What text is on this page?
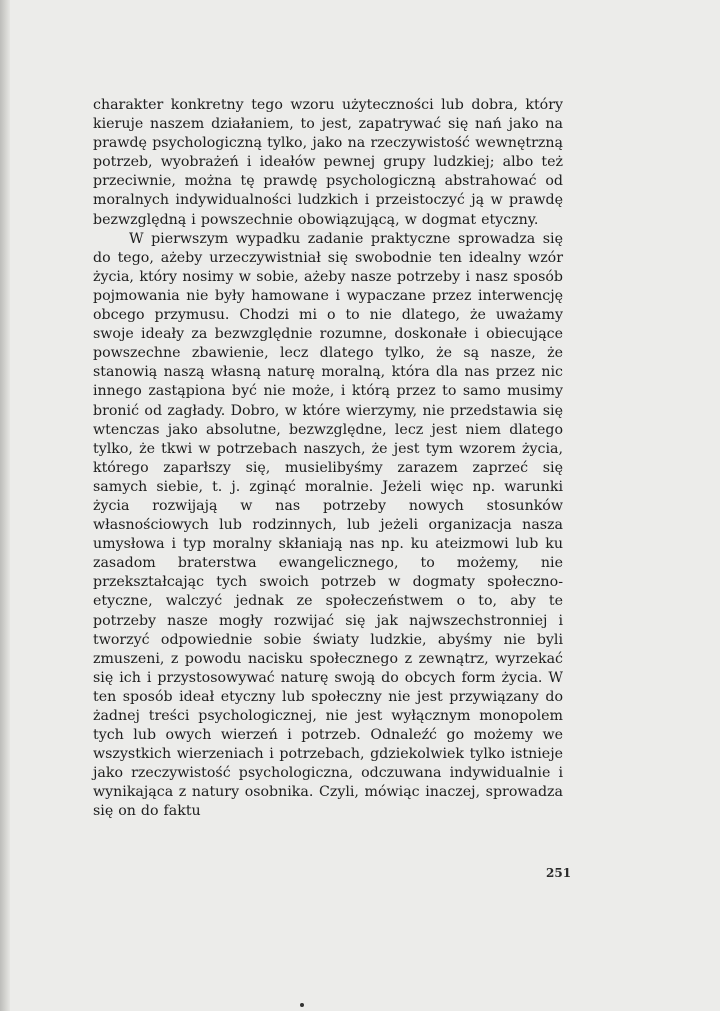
charakter konkretny tego wzoru użyteczności lub dobra, który kieruje naszem działaniem, to jest, zapatrywać się nań jako na prawdę psychologiczną tylko, jako na rzeczywistość wewnętrzną potrzeb, wyobrażeń i ideałów pewnej grupy ludzkiej; albo też przeciwnie, można tę prawdę psychologiczną abstrahować od moralnych indywidualności ludzkich i przeistoczyć ją w prawdę bezwzględną i powszechnie obowiązującą, w dogmat etyczny.

W pierwszym wypadku zadanie praktyczne sprowadza się do tego, ażeby urzeczywistniał się swobodnie ten idealny wzór życia, który nosimy w sobie, ażeby nasze potrzeby i nasz sposób pojmowania nie były hamowane i wypaczane przez interwencję obcego przymusu. Chodzi mi o to nie dlatego, że uważamy swoje ideały za bezwzględnie rozumne, doskonałe i obiecujące powszechne zbawienie, lecz dlatego tylko, że są nasze, że stanowią naszą własną naturę moralną, która dla nas przez nic innego zastąpiona być nie może, i którą przez to samo musimy bronić od zagłady. Dobro, w które wierzymy, nie przedstawia się wtenczas jako absolutne, bezwzględne, lecz jest niem dlatego tylko, że tkwi w potrzebach naszych, że jest tym wzorem życia, którego zaparłszy się, musielibyśmy zarazem zaprzeć się samych siebie, t. j. zginąć moralnie. Jeżeli więc np. warunki życia rozwijają w nas potrzeby nowych stosunków własnościowych lub rodzinnych, lub jeżeli organizacja nasza umysłowa i typ moralny skłaniają nas np. ku ateizmowi lub ku zasadom braterstwa ewangelicznego, to możemy, nie przekształcając tych swoich potrzeb w dogmaty społeczno-etyczne, walczyć jednak ze społeczeństwem o to, aby te potrzeby nasze mogły rozwijać się jak najwszechstronniej i tworzyć odpowiednie sobie światy ludzkie, abyśmy nie byli zmuszeni, z powodu nacisku społecznego z zewnątrz, wyrzekać się ich i przystosowywać naturę swoją do obcych form życia. W ten sposób ideał etyczny lub społeczny nie jest przywiązany do żadnej treści psychologicznej, nie jest wyłącznym monopolem tych lub owych wierzeń i potrzeb. Odnaleźć go możemy we wszystkich wierzeniach i potrzebach, gdziekolwiek tylko istnieje jako rzeczywistość psychologiczna, odczuwana indywidualnie i wynikająca z natury osobnika. Czyli, mówiąc inaczej, sprowadza się on do faktu

251
